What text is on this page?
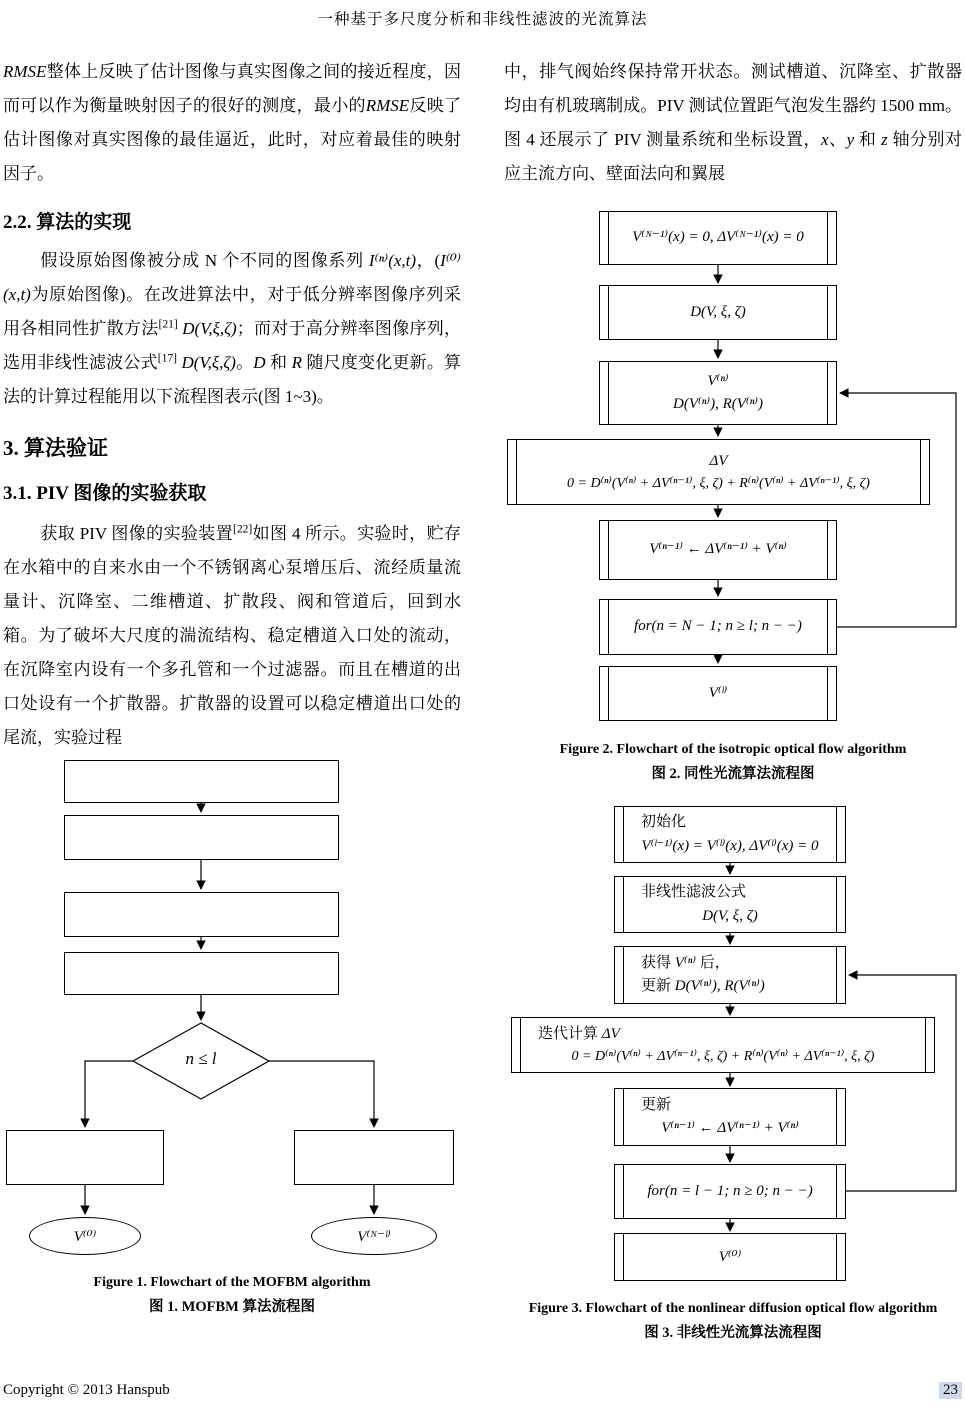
一种基于多尺度分析和非线性滤波的光流算法

RMSE整体上反映了估计图像与真实图像之间的接近程度，因而可以作为衡量映射因子的很好的测度，最小的RMSE反映了估计图像对真实图像的最佳逼近，此时，对应着最佳的映射因子。

2.2. 算法的实现

假设原始图像被分成 N 个不同的图像系列 I⁽ⁿ⁾(x,t)，(I⁽⁰⁾(x,t)为原始图像)。在改进算法中，对于低分辨率图像序列采用各相同性扩散方法[21] D(V,ξ,ζ)；而对于高分辨率图像序列，选用非线性滤波公式[17] D(V,ξ,ζ)。D 和 R 随尺度变化更新。算法的计算过程能用以下流程图表示(图 1~3)。

3. 算法验证
3.1. PIV 图像的实验获取

获取 PIV 图像的实验装置[22]如图 4 所示。实验时，贮存在水箱中的自来水由一个不锈钢离心泵增压后、流经质量流量计、沉降室、二维槽道、扩散段、阀和管道后，回到水箱。为了破坏大尺度的湍流结构、稳定槽道入口处的流动，在沉降室内设有一个多孔管和一个过滤器。而且在槽道的出口处设有一个扩散器。扩散器的设置可以稳定槽道出口处的尾流，实验过程

n ≤ l
V⁽⁰⁾	V⁽ᴺ⁻ˡ⁾
Figure 1. Flowchart of the MOFBM algorithm
图 1. MOFBM 算法流程图

中，排气阀始终保持常开状态。测试槽道、沉降室、扩散器均由有机玻璃制成。PIV 测试位置距气泡发生器约 1500 mm。图 4 还展示了 PIV 测量系统和坐标设置，x、y 和 z 轴分别对应主流方向、壁面法向和翼展

V⁽ᴺ⁻¹⁾(x) = 0, ΔV⁽ᴺ⁻¹⁾(x) = 0
D(V, ξ, ζ)
V⁽ⁿ⁾
D(V⁽ⁿ⁾), R(V⁽ⁿ⁾)
ΔV
0 = D⁽ⁿ⁾(V⁽ⁿ⁾ + ΔV⁽ⁿ⁻¹⁾, ξ, ζ) + R⁽ⁿ⁾(V⁽ⁿ⁾ + ΔV⁽ⁿ⁻¹⁾, ξ, ζ)
V⁽ⁿ⁻¹⁾ ← ΔV⁽ⁿ⁻¹⁾ + V⁽ⁿ⁾
for(n = N − 1; n ≥ l; n − −)
V⁽ˡ⁾
Figure 2. Flowchart of the isotropic optical flow algorithm
图 2. 同性光流算法流程图
初始化
V⁽ˡ⁻¹⁾(x) = V⁽ˡ⁾(x), ΔV⁽ˡ⁾(x) = 0
非线性滤波公式
D(V, ξ, ζ)
获得 V⁽ⁿ⁾ 后，
更新 D(V⁽ⁿ⁾), R(V⁽ⁿ⁾)
迭代计算 ΔV
0 = D⁽ⁿ⁾(V⁽ⁿ⁾ + ΔV⁽ⁿ⁻¹⁾, ξ, ζ) + R⁽ⁿ⁾(V⁽ⁿ⁾ + ΔV⁽ⁿ⁻¹⁾, ξ, ζ)
更新
V⁽ⁿ⁻¹⁾ ← ΔV⁽ⁿ⁻¹⁾ + V⁽ⁿ⁾
for(n = l − 1; n ≥ 0; n − −)
V⁽⁰⁾
Figure 3. Flowchart of the nonlinear diffusion optical flow algorithm
图 3. 非线性光流算法流程图
Copyright © 2013 Hanspub	23
